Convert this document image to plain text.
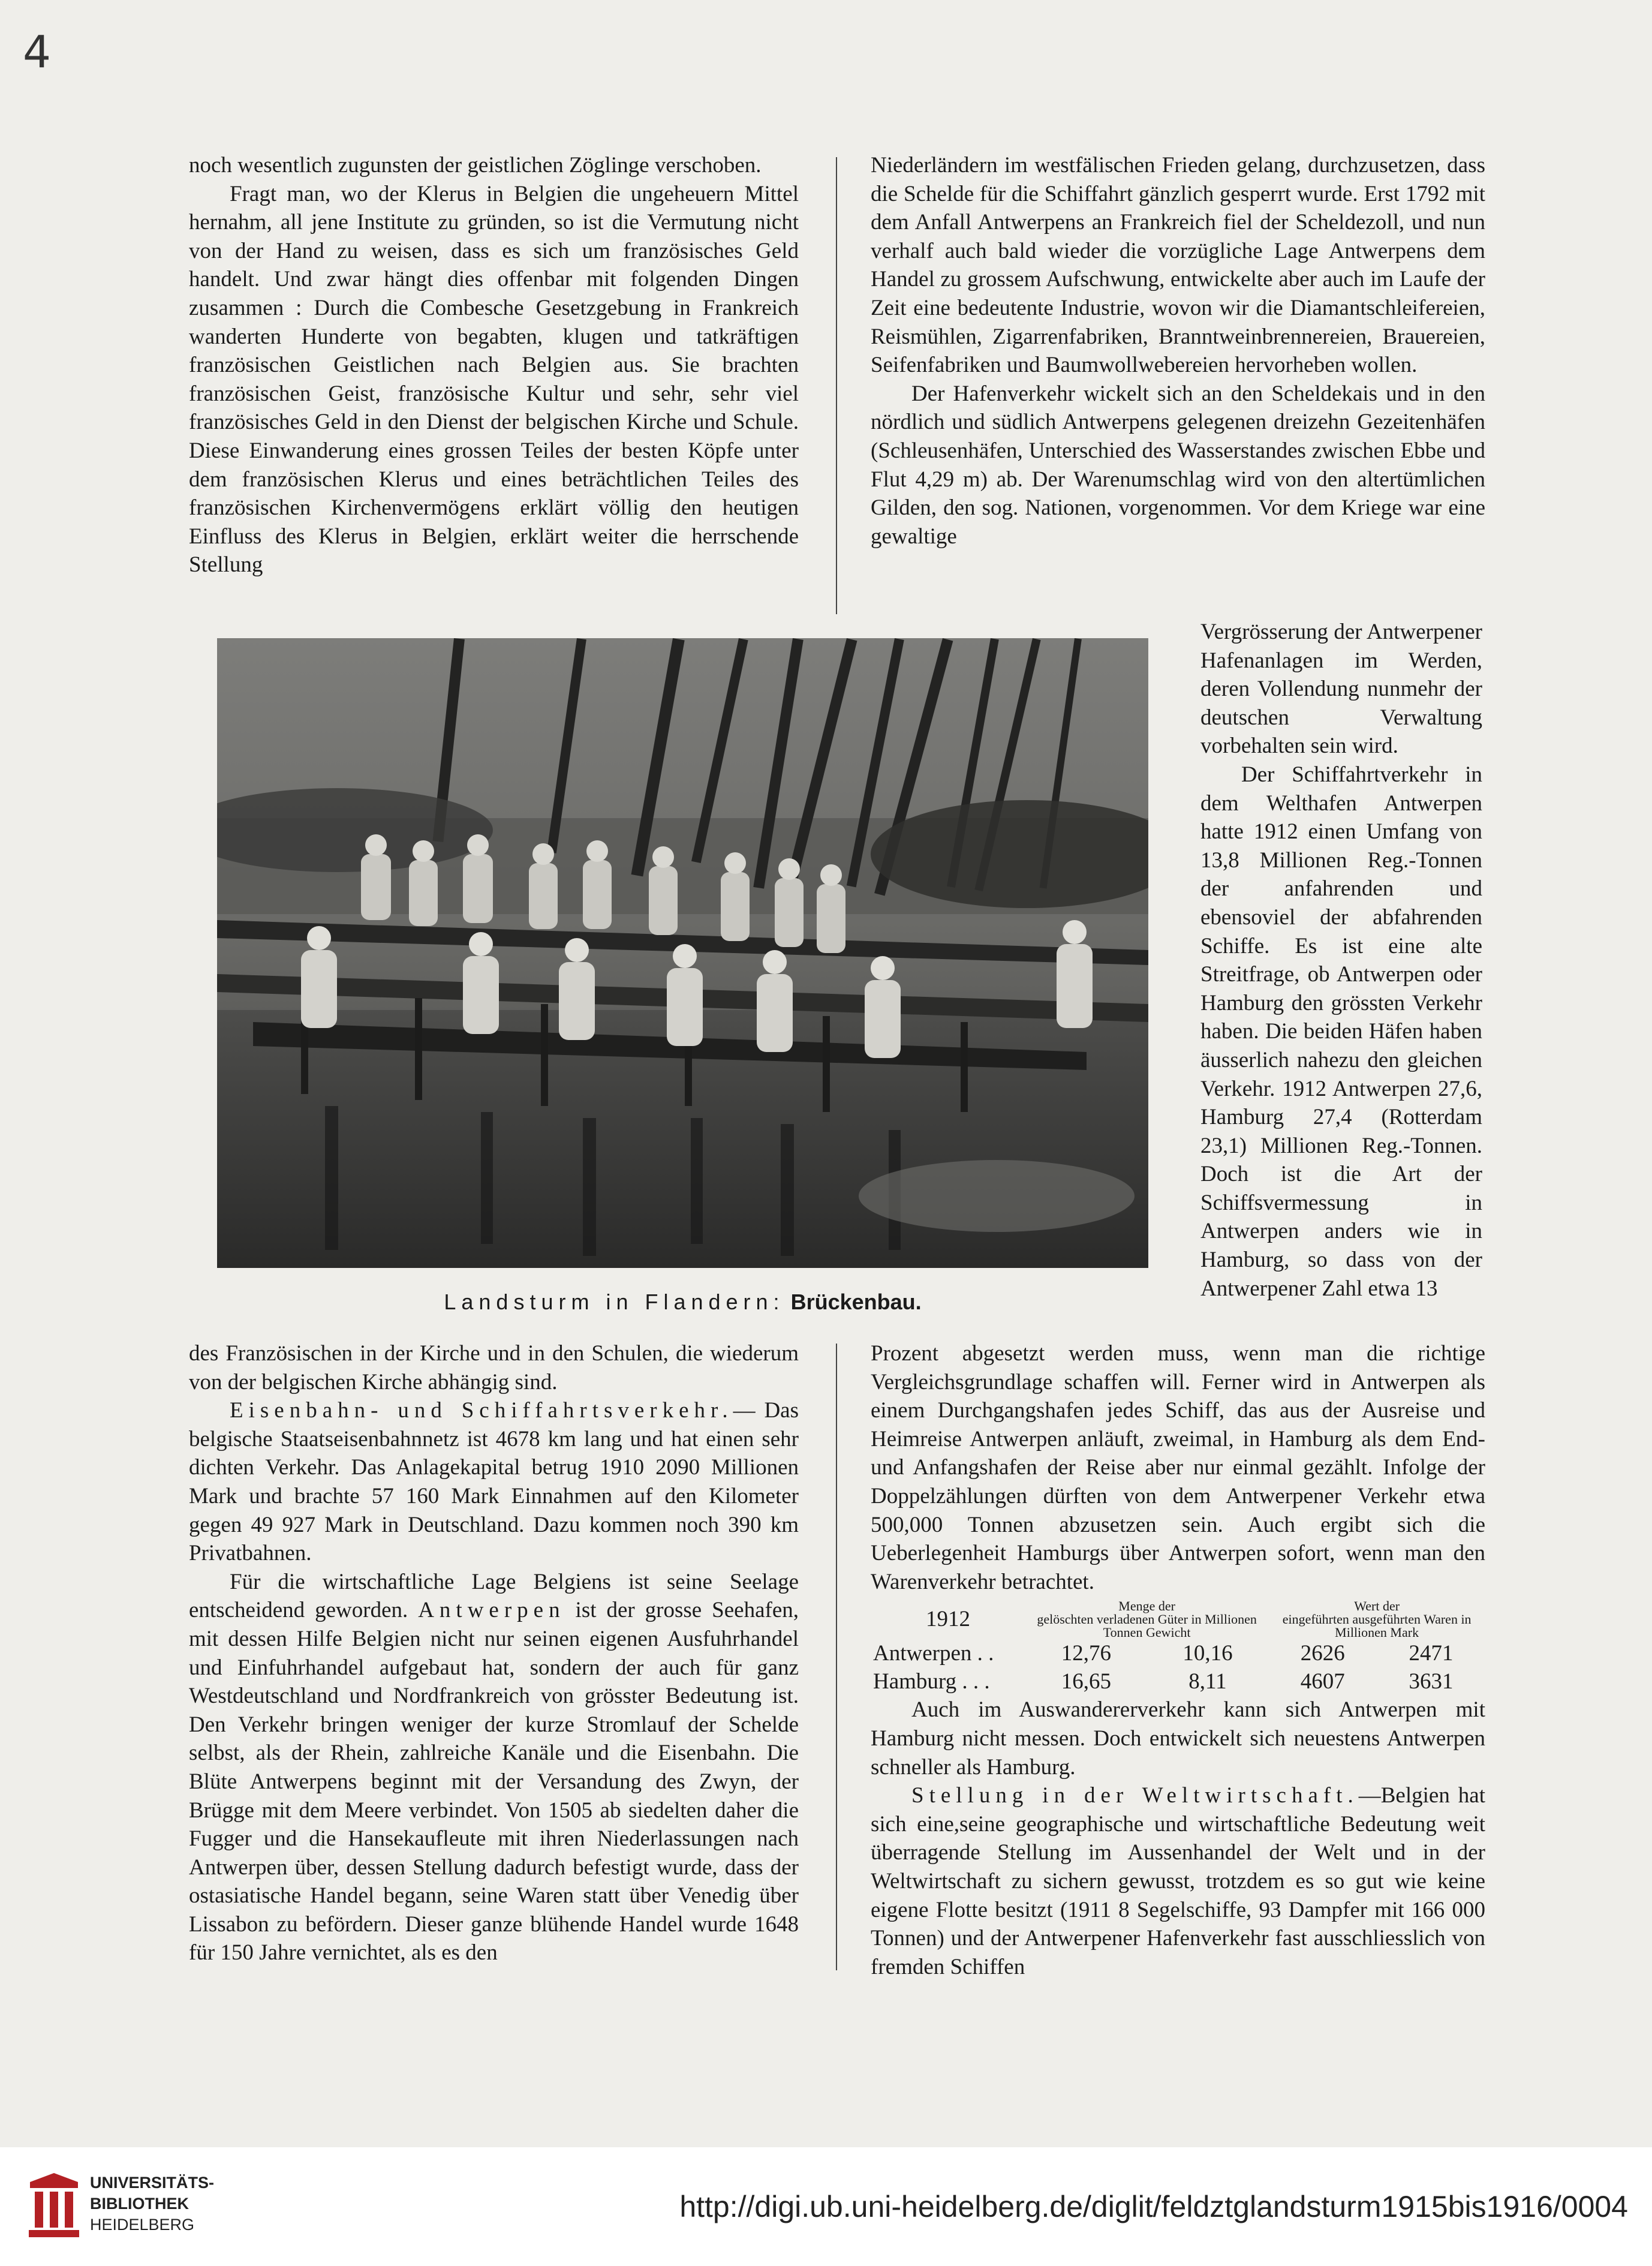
4

noch wesentlich zugunsten der geistlichen Zöglinge verschoben.

Fragt man, wo der Klerus in Belgien die ungeheuern Mittel hernahm, all jene Institute zu gründen, so ist die Vermutung nicht von der Hand zu weisen, dass es sich um französisches Geld handelt. Und zwar hängt dies offenbar mit folgenden Dingen zusammen : Durch die Combesche Gesetzgebung in Frankreich wanderten Hunderte von begabten, klugen und tatkräftigen französischen Geistlichen nach Belgien aus. Sie brachten französischen Geist, französische Kultur und sehr, sehr viel französisches Geld in den Dienst der belgischen Kirche und Schule. Diese Einwanderung eines grossen Teiles der besten Köpfe unter dem französischen Klerus und eines beträchtlichen Teiles des französischen Kirchenvermögens erklärt völlig den heutigen Einfluss des Klerus in Belgien, erklärt weiter die herrschende Stellung

Niederländern im westfälischen Frieden gelang, durchzusetzen, dass die Schelde für die Schiffahrt gänzlich gesperrt wurde. Erst 1792 mit dem Anfall Antwerpens an Frankreich fiel der Scheldezoll, und nun verhalf auch bald wieder die vorzügliche Lage Antwerpens dem Handel zu grossem Aufschwung, entwickelte aber auch im Laufe der Zeit eine bedeutente Industrie, wovon wir die Diamantschleifereien, Reismühlen, Zigarrenfabriken, Branntweinbrennereien, Brauereien, Seifenfabriken und Baumwollwebereien hervorheben wollen.

Der Hafenverkehr wickelt sich an den Scheldekais und in den nördlich und südlich Antwerpens gelegenen dreizehn Gezeitenhäfen (Schleusenhäfen, Unterschied des Wasserstandes zwischen Ebbe und Flut 4,29 m) ab. Der Warenumschlag wird von den altertümlichen Gilden, den sog. Nationen, vorgenommen. Vor dem Kriege war eine gewaltige

Vergrösserung der Antwerpener Hafenanlagen im Werden, deren Vollendung nunmehr der deutschen Verwaltung vorbehalten sein wird.

Der Schiffahrtverkehr in dem Welthafen Antwerpen hatte 1912 einen Umfang von 13,8 Millionen Reg.-Tonnen der anfahrenden und ebensoviel der abfahrenden Schiffe. Es ist eine alte Streitfrage, ob Antwerpen oder Hamburg den grössten Verkehr haben. Die beiden Häfen haben äusserlich nahezu den gleichen Verkehr. 1912 Antwerpen 27,6, Hamburg 27,4 (Rotterdam 23,1) Millionen Reg.-Tonnen. Doch ist die Art der Schiffsvermessung in Antwerpen anders wie in Hamburg, so dass von der Antwerpener Zahl etwa 13

Landsturm in Flandern: Brückenbau.

des Französischen in der Kirche und in den Schulen, die wiederum von der belgischen Kirche abhängig sind.

Eisenbahn- und Schiffahrtsverkehr.— Das belgische Staatseisenbahnnetz ist 4678 km lang und hat einen sehr dichten Verkehr. Das Anlagekapital betrug 1910 2090 Millionen Mark und brachte 57 160 Mark Einnahmen auf den Kilometer gegen 49 927 Mark in Deutschland. Dazu kommen noch 390 km Privatbahnen.

Für die wirtschaftliche Lage Belgiens ist seine Seelage entscheidend geworden. Antwerpen ist der grosse Seehafen, mit dessen Hilfe Belgien nicht nur seinen eigenen Ausfuhrhandel und Einfuhrhandel aufgebaut hat, sondern der auch für ganz Westdeutschland und Nordfrankreich von grösster Bedeutung ist. Den Verkehr bringen weniger der kurze Stromlauf der Schelde selbst, als der Rhein, zahlreiche Kanäle und die Eisenbahn. Die Blüte Antwerpens beginnt mit der Versandung des Zwyn, der Brügge mit dem Meere verbindet. Von 1505 ab siedelten daher die Fugger und die Hansekaufleute mit ihren Niederlassungen nach Antwerpen über, dessen Stellung dadurch befestigt wurde, dass der ostasiatische Handel begann, seine Waren statt über Venedig über Lissabon zu befördern. Dieser ganze blühende Handel wurde 1648 für 150 Jahre vernichtet, als es den

Prozent abgesetzt werden muss, wenn man die richtige Vergleichsgrundlage schaffen will. Ferner wird in Antwerpen als einem Durchgangshafen jedes Schiff, das aus der Ausreise und Heimreise Antwerpen anläuft, zweimal, in Hamburg als dem End- und Anfangshafen der Reise aber nur einmal gezählt. Infolge der Doppelzählungen dürften von dem Antwerpener Verkehr etwa 500,000 Tonnen abzusetzen sein. Auch ergibt sich die Ueberlegenheit Hamburgs über Antwerpen sofort, wenn man den Warenverkehr betrachtet.

1912	Menge der		Wert der	
	gelöschten verladenen Güter in Millionen Tonnen Gewicht		eingeführten ausgeführten Waren in Millionen Mark	
Antwerpen . .	12,76	10,16	2626	2471
Hamburg . . .	16,65	8,11	4607	3631

Auch im Auswandererverkehr kann sich Antwerpen mit Hamburg nicht messen. Doch entwickelt sich neuestens Antwerpen schneller als Hamburg.

Stellung in der Weltwirtschaft.—Belgien hat sich eine,seine geographische und wirtschaftliche Bedeutung weit überragende Stellung im Aussenhandel der Welt und in der Weltwirtschaft zu sichern gewusst, trotzdem es so gut wie keine eigene Flotte besitzt (1911 8 Segelschiffe, 93 Dampfer mit 166 000 Tonnen) und der Antwerpener Hafenverkehr fast ausschliesslich von fremden Schiffen

UNIVERSITÄTS-
BIBLIOTHEK
HEIDELBERG
http://digi.ub.uni-heidelberg.de/diglit/feldztglandsturm1915bis1916/0004
